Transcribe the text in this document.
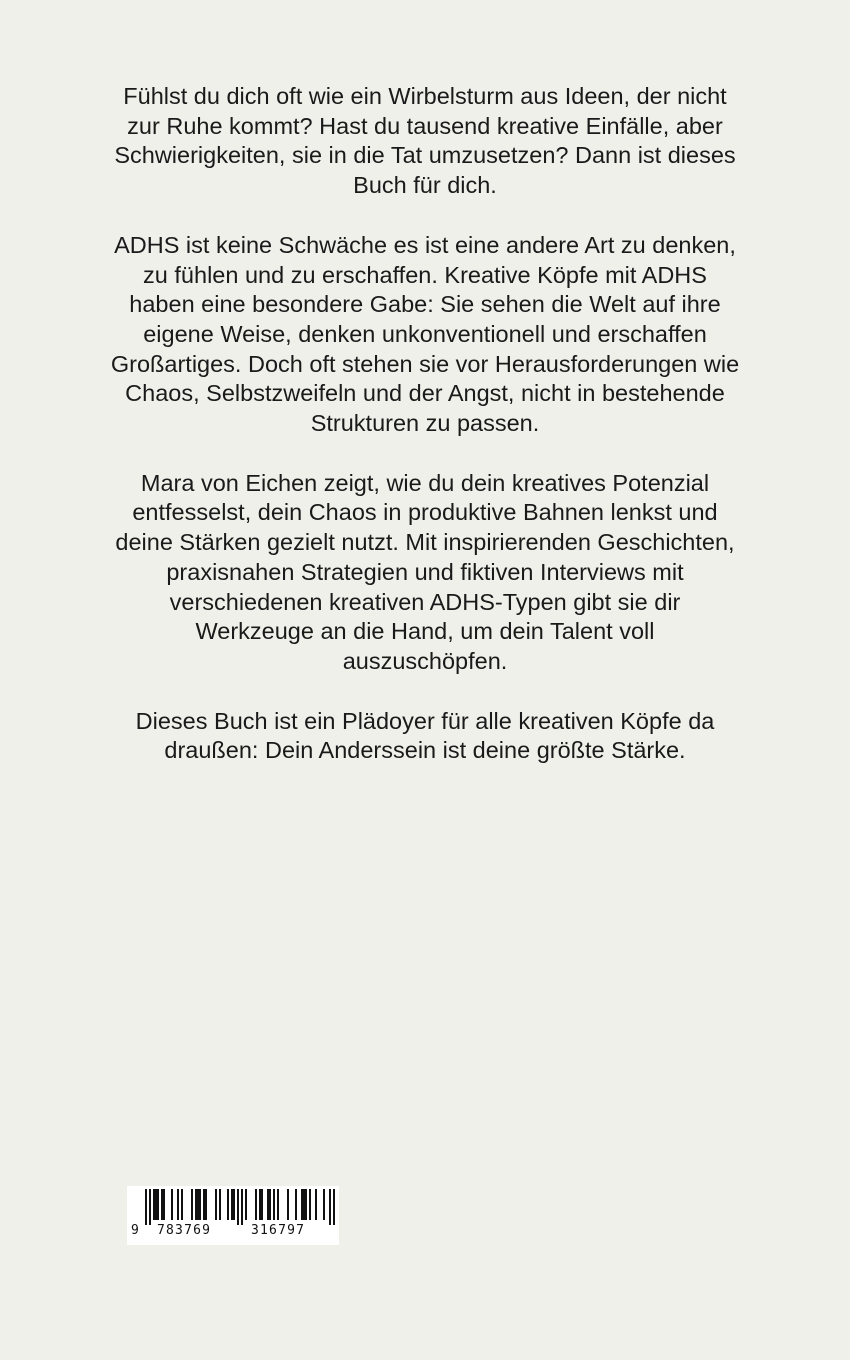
Fühlst du dich oft wie ein Wirbelsturm aus Ideen, der nicht zur Ruhe kommt? Hast du tausend kreative Einfälle, aber Schwierigkeiten, sie in die Tat umzusetzen? Dann ist dieses Buch für dich.

ADHS ist keine Schwäche es ist eine andere Art zu denken, zu fühlen und zu erschaffen. Kreative Köpfe mit ADHS haben eine besondere Gabe: Sie sehen die Welt auf ihre eigene Weise, denken unkonventionell und erschaffen Großartiges. Doch oft stehen sie vor Herausforderungen wie Chaos, Selbstzweifeln und der Angst, nicht in bestehende Strukturen zu passen.

Mara von Eichen zeigt, wie du dein kreatives Potenzial entfesselst, dein Chaos in produktive Bahnen lenkst und deine Stärken gezielt nutzt. Mit inspirierenden Geschichten, praxisnahen Strategien und fiktiven Interviews mit verschiedenen kreativen ADHS-Typen gibt sie dir Werkzeuge an die Hand, um dein Talent voll auszuschöpfen.

Dieses Buch ist ein Plädoyer für alle kreativen Köpfe da draußen: Dein Anderssein ist deine größte Stärke.

9 783769	316797
